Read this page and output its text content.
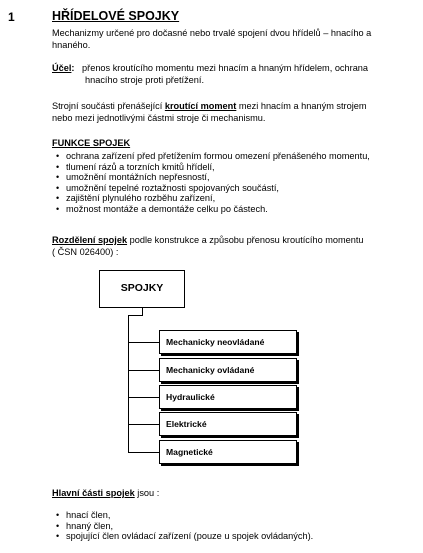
1	HŘÍDELOVÉ SPOJKY
Mechanizmy určené pro dočasné nebo trvalé spojení dvou hřídelů – hnacího a
hnaného.
Účel: přenos kroutícího momentu mezi hnacím a hnaným hřídelem, ochrana
hnacího stroje proti přetížení.
Strojní součásti přenášející kroutící moment mezi hnacím a hnaným strojem
nebo mezi jednotlivými částmi stroje či mechanismu.
FUNKCE SPOJEK
• ochrana zařízení před přetížením formou omezení přenášeného momentu,
• tlumení rázů a torzních kmitů hřídelí,
• umožnění montážních nepřesností,
• umožnění tepelné roztažnosti spojovaných součástí,
• zajištění plynulého rozběhu zařízení,
• možnost montáže a demontáže celku po částech.
Rozdělení spojek podle konstrukce a způsobu přenosu kroutícího momentu
( ČSN 026400) :
SPOJKY
Mechanicky neovládané
Mechanicky ovládané
Hydraulické
Elektrické
Magnetické
Hlavní části spojek jsou :
• hnací člen,
• hnaný člen,
• spojující člen ovládací zařízení (pouze u spojek ovládaných).
